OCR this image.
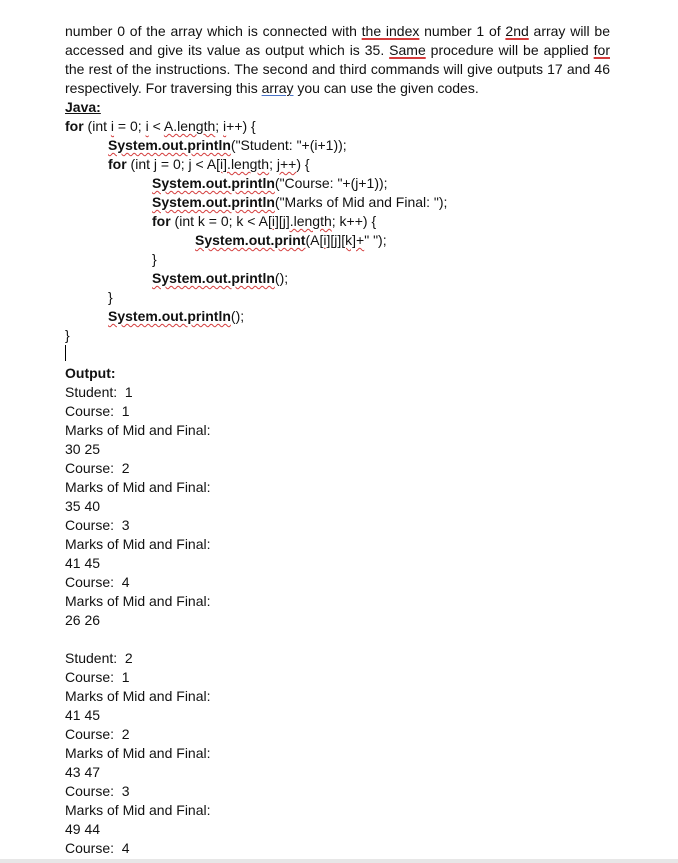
number 0 of the array which is connected with the index number 1 of 2nd array will be accessed and give its value as output which is 35. Same procedure will be applied for the rest of the instructions. The second and third commands will give outputs 17 and 46 respectively. For traversing this array you can use the given codes.
Java:
for (int i = 0; i < A.length; i++) {
System.out.println("Student: "+(i+1));
for (int j = 0; j < A[i].length; j++) {
System.out.println("Course: "+(j+1));
System.out.println("Marks of Mid and Final: ");
for (int k = 0; k < A[i][j].length; k++) {
System.out.print(A[i][j][k]+" ");
}
System.out.println();
}
System.out.println();
}
Output:
Student:  1
Course:  1
Marks of Mid and Final:
30 25
Course:  2
Marks of Mid and Final:
35 40
Course:  3
Marks of Mid and Final:
41 45
Course:  4
Marks of Mid and Final:
26 26
Student:  2
Course:  1
Marks of Mid and Final:
41 45
Course:  2
Marks of Mid and Final:
43 47
Course:  3
Marks of Mid and Final:
49 44
Course:  4
